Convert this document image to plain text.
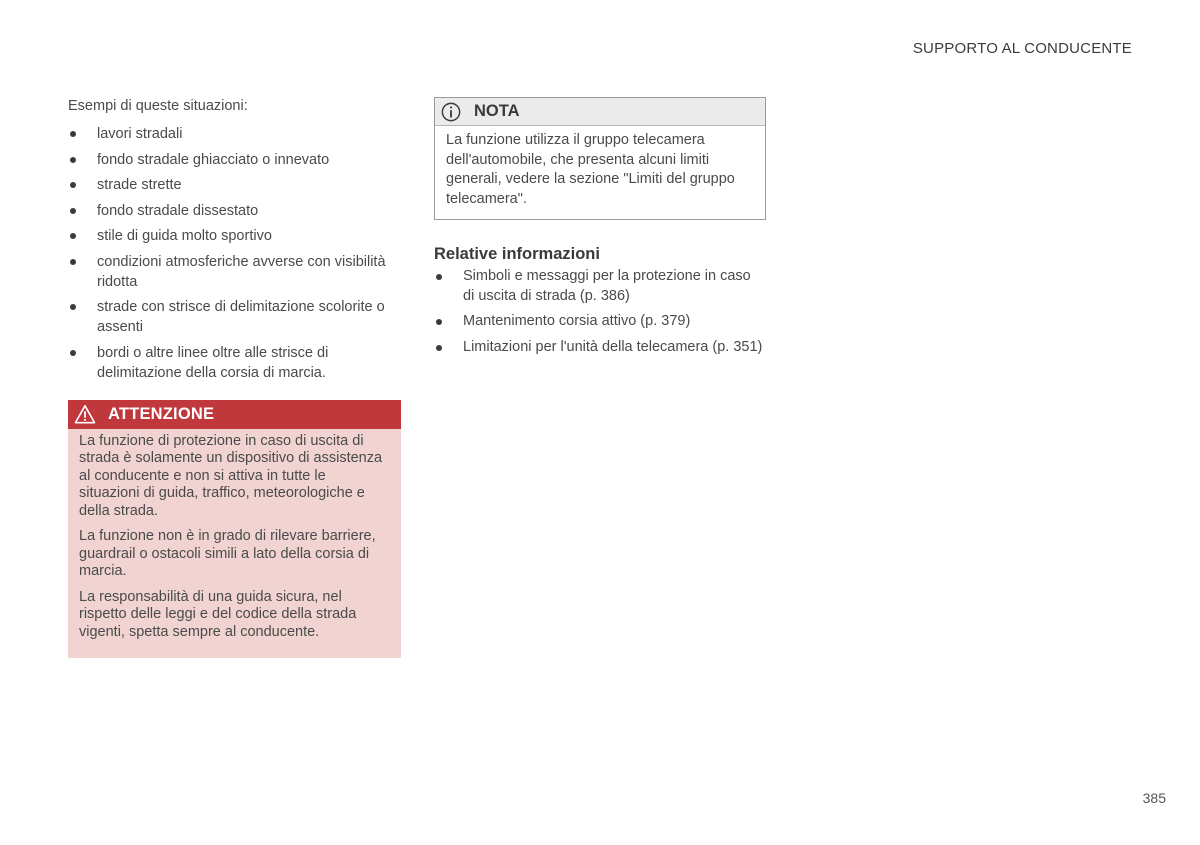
SUPPORTO AL CONDUCENTE

Esempi di queste situazioni:

lavori stradali
fondo stradale ghiacciato o innevato
strade strette
fondo stradale dissestato
stile di guida molto sportivo
condizioni atmosferiche avverse con visibilità ridotta
strade con strisce di delimitazione scolorite o assenti
bordi o altre linee oltre alle strisce di delimitazione della corsia di marcia.
ATTENZIONE

La funzione di protezione in caso di uscita di strada è solamente un dispositivo di assistenza al conducente e non si attiva in tutte le situazioni di guida, traffico, meteorologiche e della strada.

La funzione non è in grado di rilevare barriere, guardrail o ostacoli simili a lato della corsia di marcia.

La responsabilità di una guida sicura, nel rispetto delle leggi e del codice della strada vigenti, spetta sempre al conducente.

NOTA
La funzione utilizza il gruppo telecamera dell'automobile, che presenta alcuni limiti generali, vedere la sezione "Limiti del gruppo telecamera".
Relative informazioni
Simboli e messaggi per la protezione in caso di uscita di strada (p. 386)
Mantenimento corsia attivo (p. 379)
Limitazioni per l'unità della telecamera (p. 351)
385
